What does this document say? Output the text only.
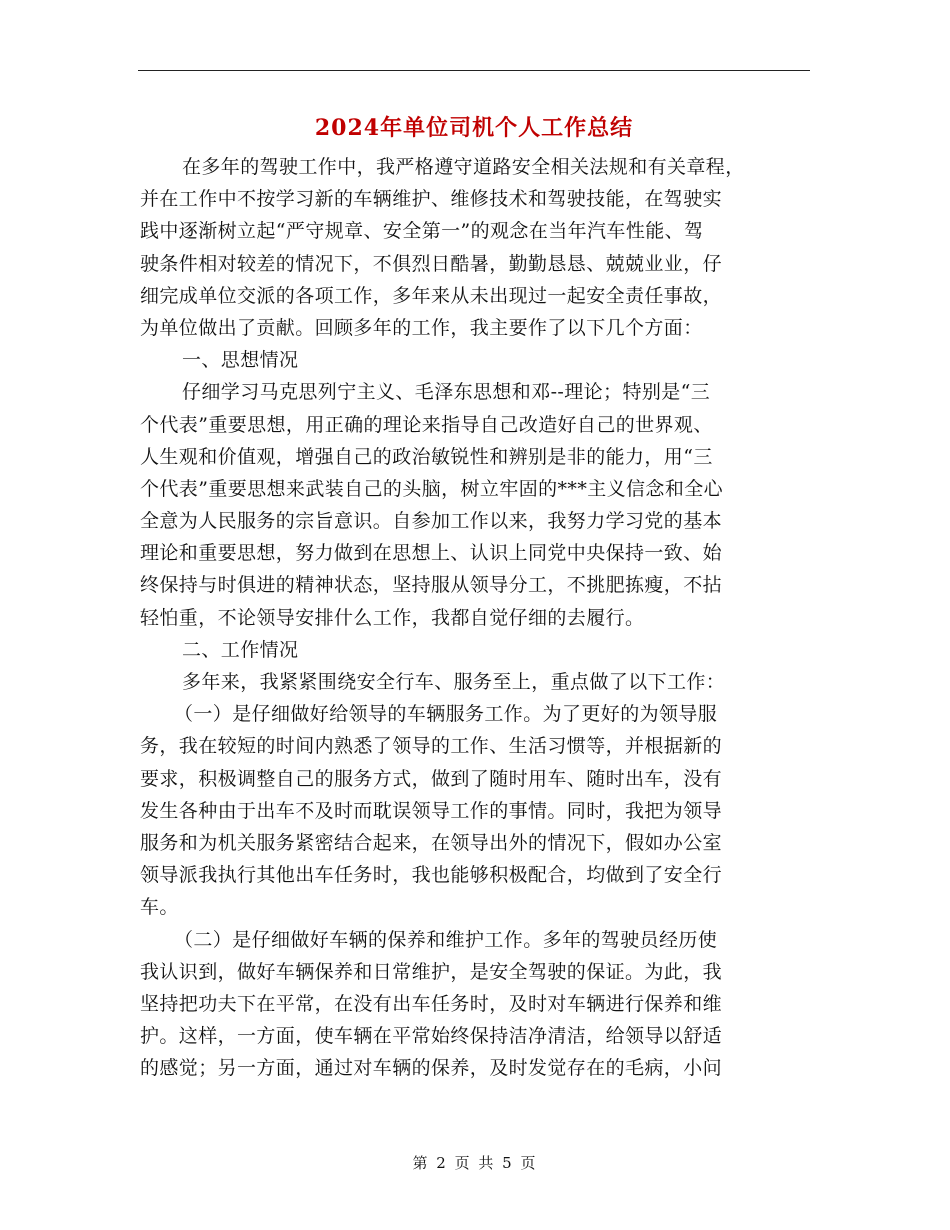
2024年单位司机个人工作总结
在多年的驾驶工作中，我严格遵守道路安全相关法规和有关章程，
并在工作中不按学习新的车辆维护、维修技术和驾驶技能，在驾驶实
践中逐渐树立起“严守规章、安全第一”的观念在当年汽车性能、驾
驶条件相对较差的情况下，不俱烈日酷暑，勤勤恳恳、兢兢业业，仔
细完成单位交派的各项工作，多年来从未出现过一起安全责任事故，
为单位做出了贡献。回顾多年的工作，我主要作了以下几个方面：
一、思想情况
仔细学习马克思列宁主义、毛泽东思想和邓--理论；特别是“三
个代表”重要思想，用正确的理论来指导自己改造好自己的世界观、
人生观和价值观，增强自己的政治敏锐性和辨别是非的能力，用“三
个代表”重要思想来武装自己的头脑，树立牢固的***主义信念和全心
全意为人民服务的宗旨意识。自参加工作以来，我努力学习党的基本
理论和重要思想，努力做到在思想上、认识上同党中央保持一致、始
终保持与时俱进的精神状态，坚持服从领导分工，不挑肥拣瘦，不拈
轻怕重，不论领导安排什么工作，我都自觉仔细的去履行。
二、工作情况
多年来，我紧紧围绕安全行车、服务至上，重点做了以下工作：
（一）是仔细做好给领导的车辆服务工作。为了更好的为领导服
务，我在较短的时间内熟悉了领导的工作、生活习惯等，并根据新的
要求，积极调整自己的服务方式，做到了随时用车、随时出车，没有
发生各种由于出车不及时而耽误领导工作的事情。同时，我把为领导
服务和为机关服务紧密结合起来，在领导出外的情况下，假如办公室
领导派我执行其他出车任务时，我也能够积极配合，均做到了安全行
车。
（二）是仔细做好车辆的保养和维护工作。多年的驾驶员经历使
我认识到，做好车辆保养和日常维护，是安全驾驶的保证。为此，我
坚持把功夫下在平常，在没有出车任务时，及时对车辆进行保养和维
护。这样，一方面，使车辆在平常始终保持洁净清洁，给领导以舒适
的感觉；另一方面，通过对车辆的保养，及时发觉存在的毛病，小问
第 2 页 共 5 页
